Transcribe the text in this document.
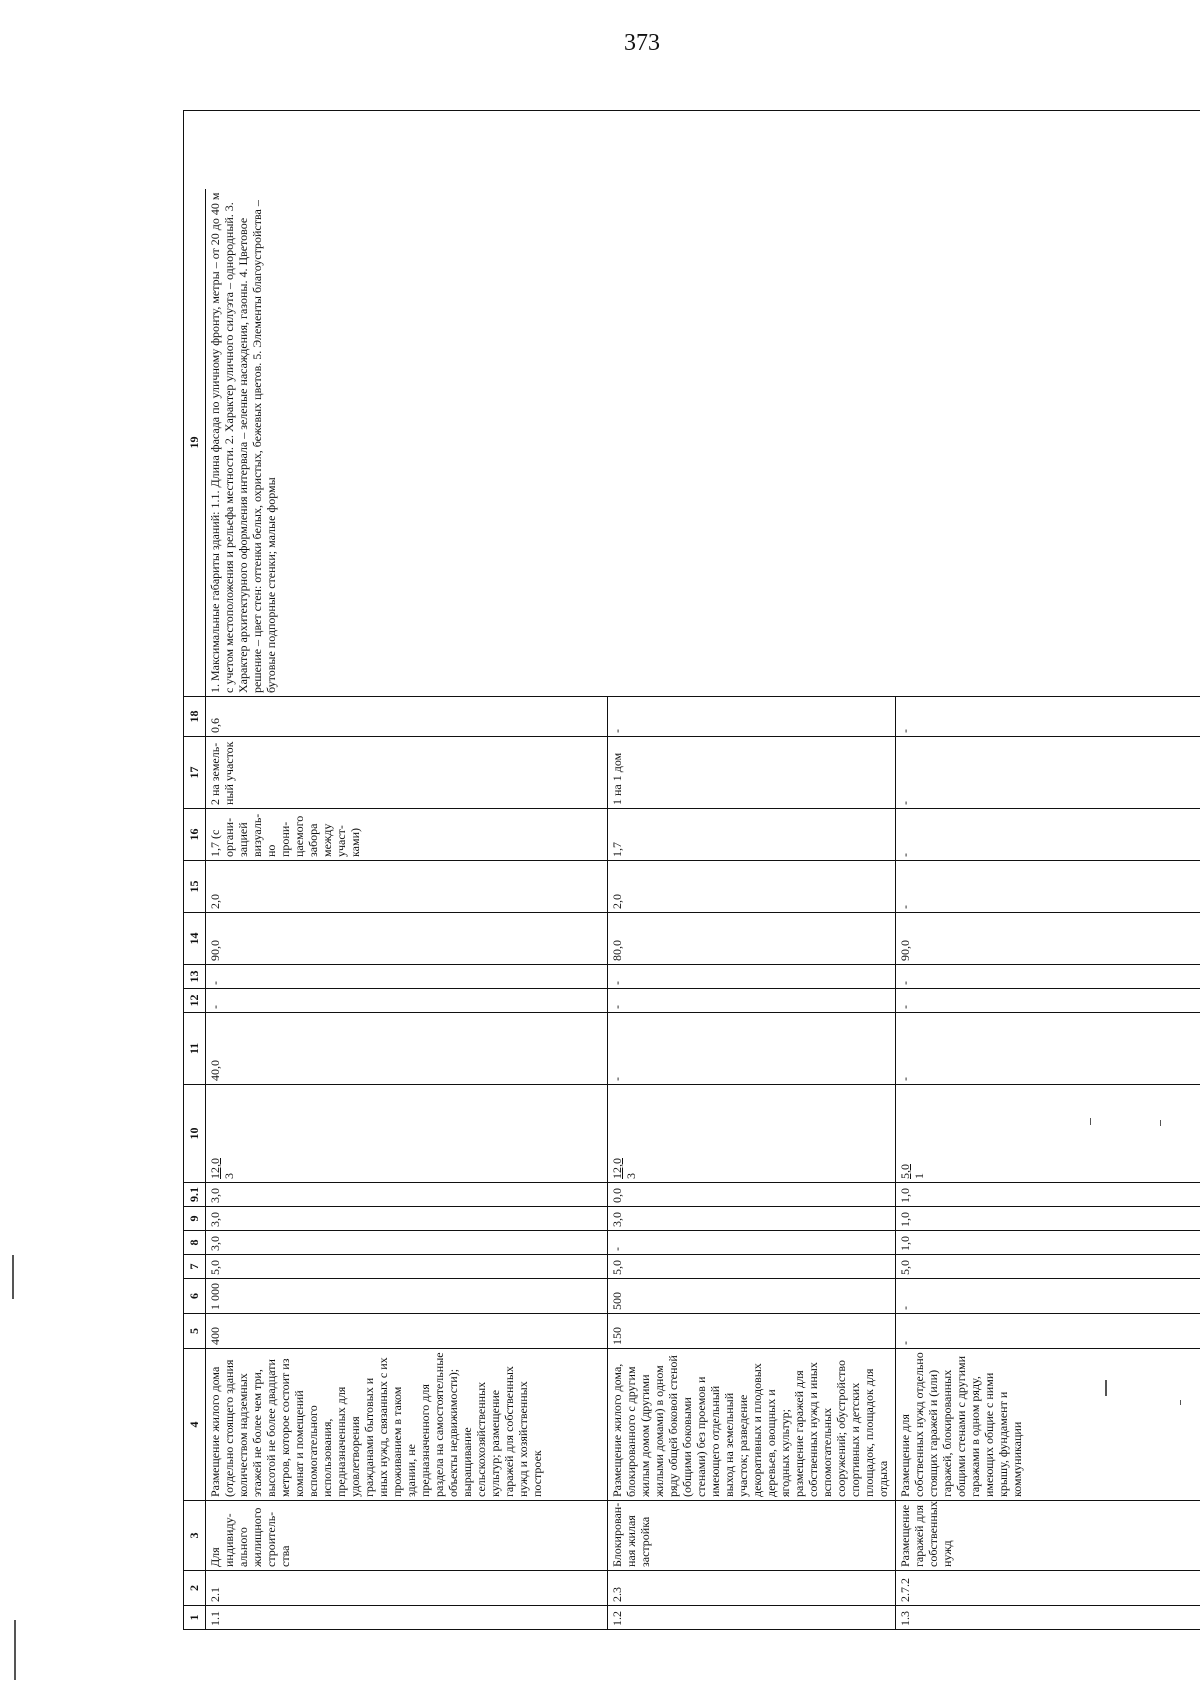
373
1
2
3
4
5
6
7
8
9
9.1
10
11
12
13
14
15
16
17
18
19
1.1
2.1
Для индивиду-ального жилищного строитель-ства
Размещение жилого дома (отдельно стоящего здания количеством надземных этажей не более чем три, высотой не более двадцати метров, которое состоит из комнат и помещений вспомогательного использования, предназначенных для удовлетворения гражданами бытовых и иных нужд, связанных с их проживанием в таком здании, не предназначенного для раздела на самостоятельные объекты недвижимости); выращивание сельскохозяйственных культур; размещение гаражей для собственных нужд и хозяйственных построек
400
1 000
5,0
3,0
3,0
3,0
12,0 3
40,0
-
-
90,0
2,0
1,7 (с органи-зацией визуаль-но прони-цаемого забора между участ-ками)
2 на земель-ный участок
0,6
1.2
2.3
Блокирован-ная жилая застройка
Размещение жилого дома, блокированного с другим жилым домом (другими жилыми домами) в одном ряду общей боковой стеной (общими боковыми стенами) без проемов и имеющего отдельный выход на земельный участок; разведение декоративных и плодовых деревьев, овощных и ягодных культур; размещение гаражей для собственных нужд и иных вспомогательных сооружений; обустройство спортивных и детских площадок, площадок для отдыха
150
500
5,0
-
3,0
0,0
12,0 3
-
-
-
80,0
2,0
1,7
1 на 1 дом
-
1.3
2.7.2
Размещение гаражей для собственных нужд
Размещение для собственных нужд отдельно стоящих гаражей и (или) гаражей, блокированных общими стенами с другими гаражами в одном ряду, имеющих общие с ними крышу, фундамент и коммуникации
-
-
5,0
1,0
1,0
1,0
5,0 1
-
-
-
90,0
-
-
-
-
1. Максимальные габариты зданий: 1.1. Длина фасада по уличному фронту, метры – от 20 до 40 м с учетом местоположения и рельефа местности. 2. Характер уличного силуэта – однородный. 3. Характер архитектурного оформления интервала – зеленые насаждения, газоны. 4. Цветовое решение – цвет стен: оттенки белых, охристых, бежевых цветов. 5. Элементы благоустройства – бутовые подпорные стенки; малые формы
